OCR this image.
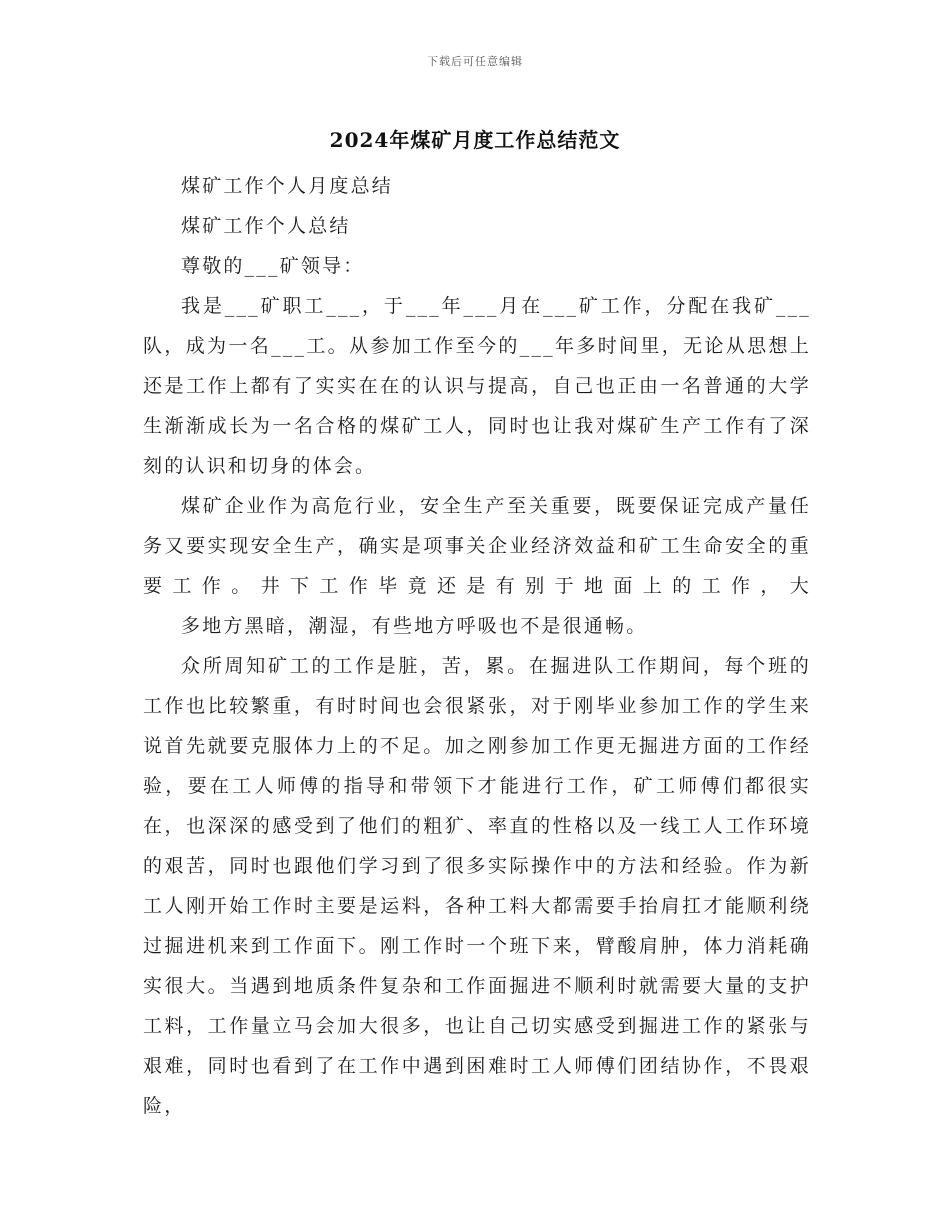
下载后可任意编辑
2024年煤矿月度工作总结范文

煤矿工作个人月度总结

煤矿工作个人总结

尊敬的___矿领导：

我是___矿职工___，于___年___月在___矿工作，分配在我矿___队，成为一名___工。从参加工作至今的___年多时间里，无论从思想上还是工作上都有了实实在在的认识与提高，自己也正由一名普通的大学生渐渐成长为一名合格的煤矿工人，同时也让我对煤矿生产工作有了深刻的认识和切身的体会。

煤矿企业作为高危行业，安全生产至关重要，既要保证完成产量任务又要实现安全生产，确实是项事关企业经济效益和矿工生命安全的重要工作。井下工作毕竟还是有别于地面上的工作，大

多地方黑暗，潮湿，有些地方呼吸也不是很通畅。

众所周知矿工的工作是脏，苦，累。在掘进队工作期间，每个班的工作也比较繁重，有时时间也会很紧张，对于刚毕业参加工作的学生来说首先就要克服体力上的不足。加之刚参加工作更无掘进方面的工作经验，要在工人师傅的指导和带领下才能进行工作，矿工师傅们都很实在，也深深的感受到了他们的粗犷、率直的性格以及一线工人工作环境的艰苦，同时也跟他们学习到了很多实际操作中的方法和经验。作为新工人刚开始工作时主要是运料，各种工料大都需要手抬肩扛才能顺利绕过掘进机来到工作面下。刚工作时一个班下来，臂酸肩肿，体力消耗确实很大。当遇到地质条件复杂和工作面掘进不顺利时就需要大量的支护工料，工作量立马会加大很多，也让自己切实感受到掘进工作的紧张与艰难，同时也看到了在工作中遇到困难时工人师傅们团结协作，不畏艰险，
